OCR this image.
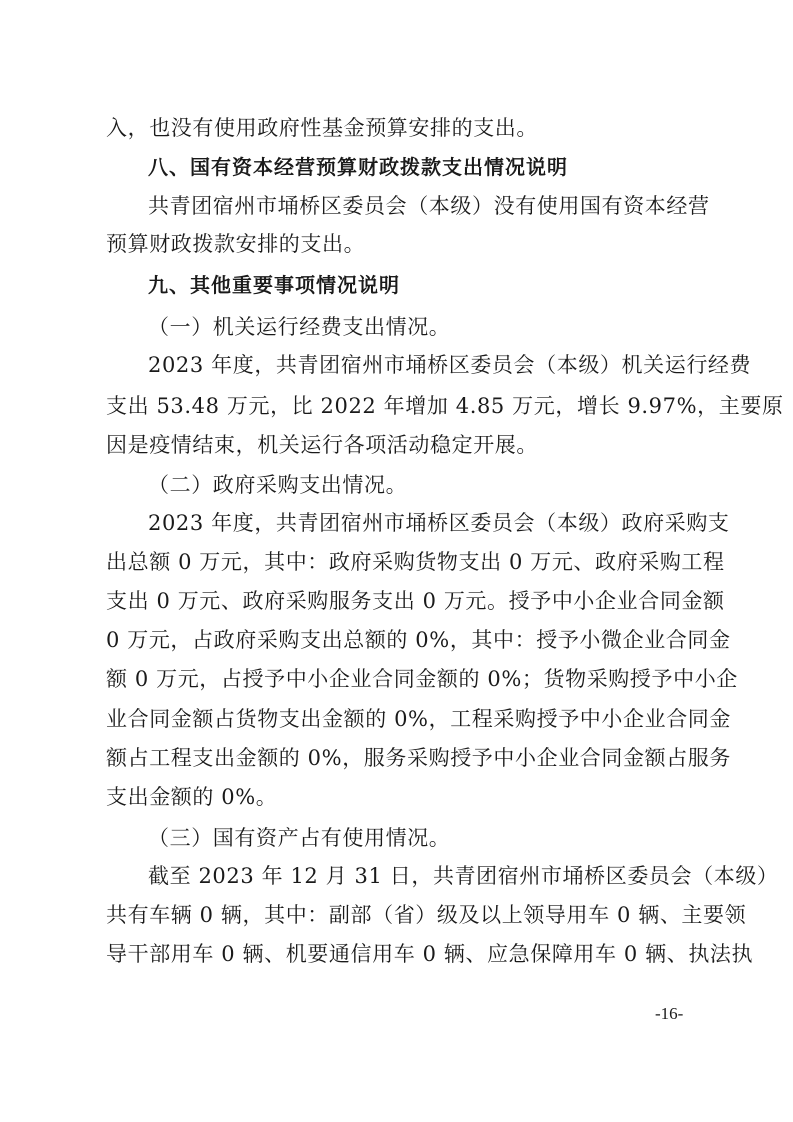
入，也没有使用政府性基金预算安排的支出。
八、国有资本经营预算财政拨款支出情况说明
共青团宿州市埇桥区委员会（本级）没有使用国有资本经营
预算财政拨款安排的支出。
九、其他重要事项情况说明
（一）机关运行经费支出情况。
2023 年度，共青团宿州市埇桥区委员会（本级）机关运行经费
支出 53.48 万元，比 2022 年增加 4.85 万元，增长 9.97%，主要原
因是疫情结束，机关运行各项活动稳定开展。
（二）政府采购支出情况。
2023 年度，共青团宿州市埇桥区委员会（本级）政府采购支
出总额 0 万元，其中：政府采购货物支出 0 万元、政府采购工程
支出 0 万元、政府采购服务支出 0 万元。授予中小企业合同金额
0 万元，占政府采购支出总额的 0%，其中：授予小微企业合同金
额 0 万元，占授予中小企业合同金额的 0%；货物采购授予中小企
业合同金额占货物支出金额的 0%，工程采购授予中小企业合同金
额占工程支出金额的 0%，服务采购授予中小企业合同金额占服务
支出金额的 0%。
（三）国有资产占有使用情况。
截至 2023 年 12 月 31 日，共青团宿州市埇桥区委员会（本级）
共有车辆 0 辆，其中：副部（省）级及以上领导用车 0 辆、主要领
导干部用车 0 辆、机要通信用车 0 辆、应急保障用车 0 辆、执法执
-16-
